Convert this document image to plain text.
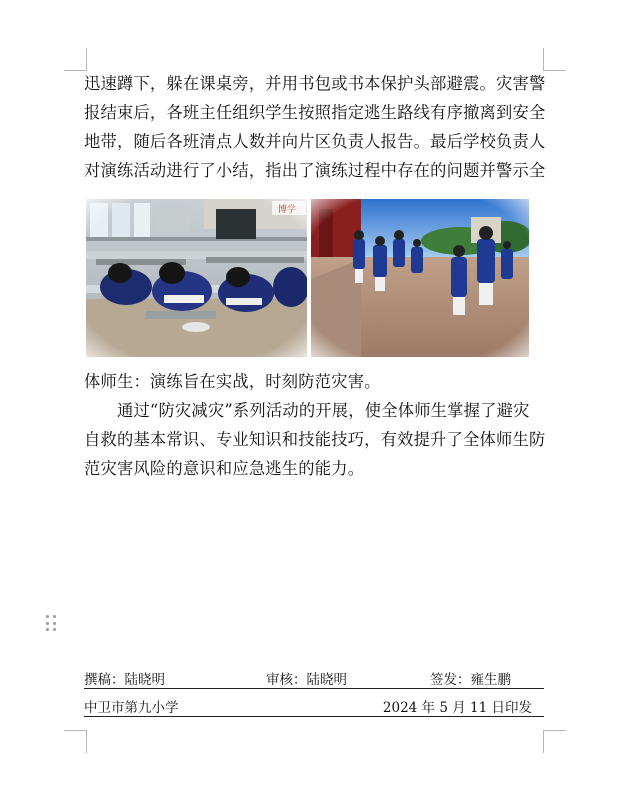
迅速蹲下，躲在课桌旁，并用书包或书本保护头部避震。灾害警
报结束后，各班主任组织学生按照指定逃生路线有序撤离到安全
地带，随后各班清点人数并向片区负责人报告。最后学校负责人
对演练活动进行了小结，指出了演练过程中存在的问题并警示全

体师生：演练旨在实战，时刻防范灾害。

　　通过“防灾减灾”系列活动的开展，使全体师生掌握了避灾
自救的基本常识、专业知识和技能技巧，有效提升了全体师生防
范灾害风险的意识和应急逃生的能力。

撰稿：陆晓明	审核：陆晓明	签发：雍生鹏
中卫市第九小学	2024 年 5 月 11 日印发
